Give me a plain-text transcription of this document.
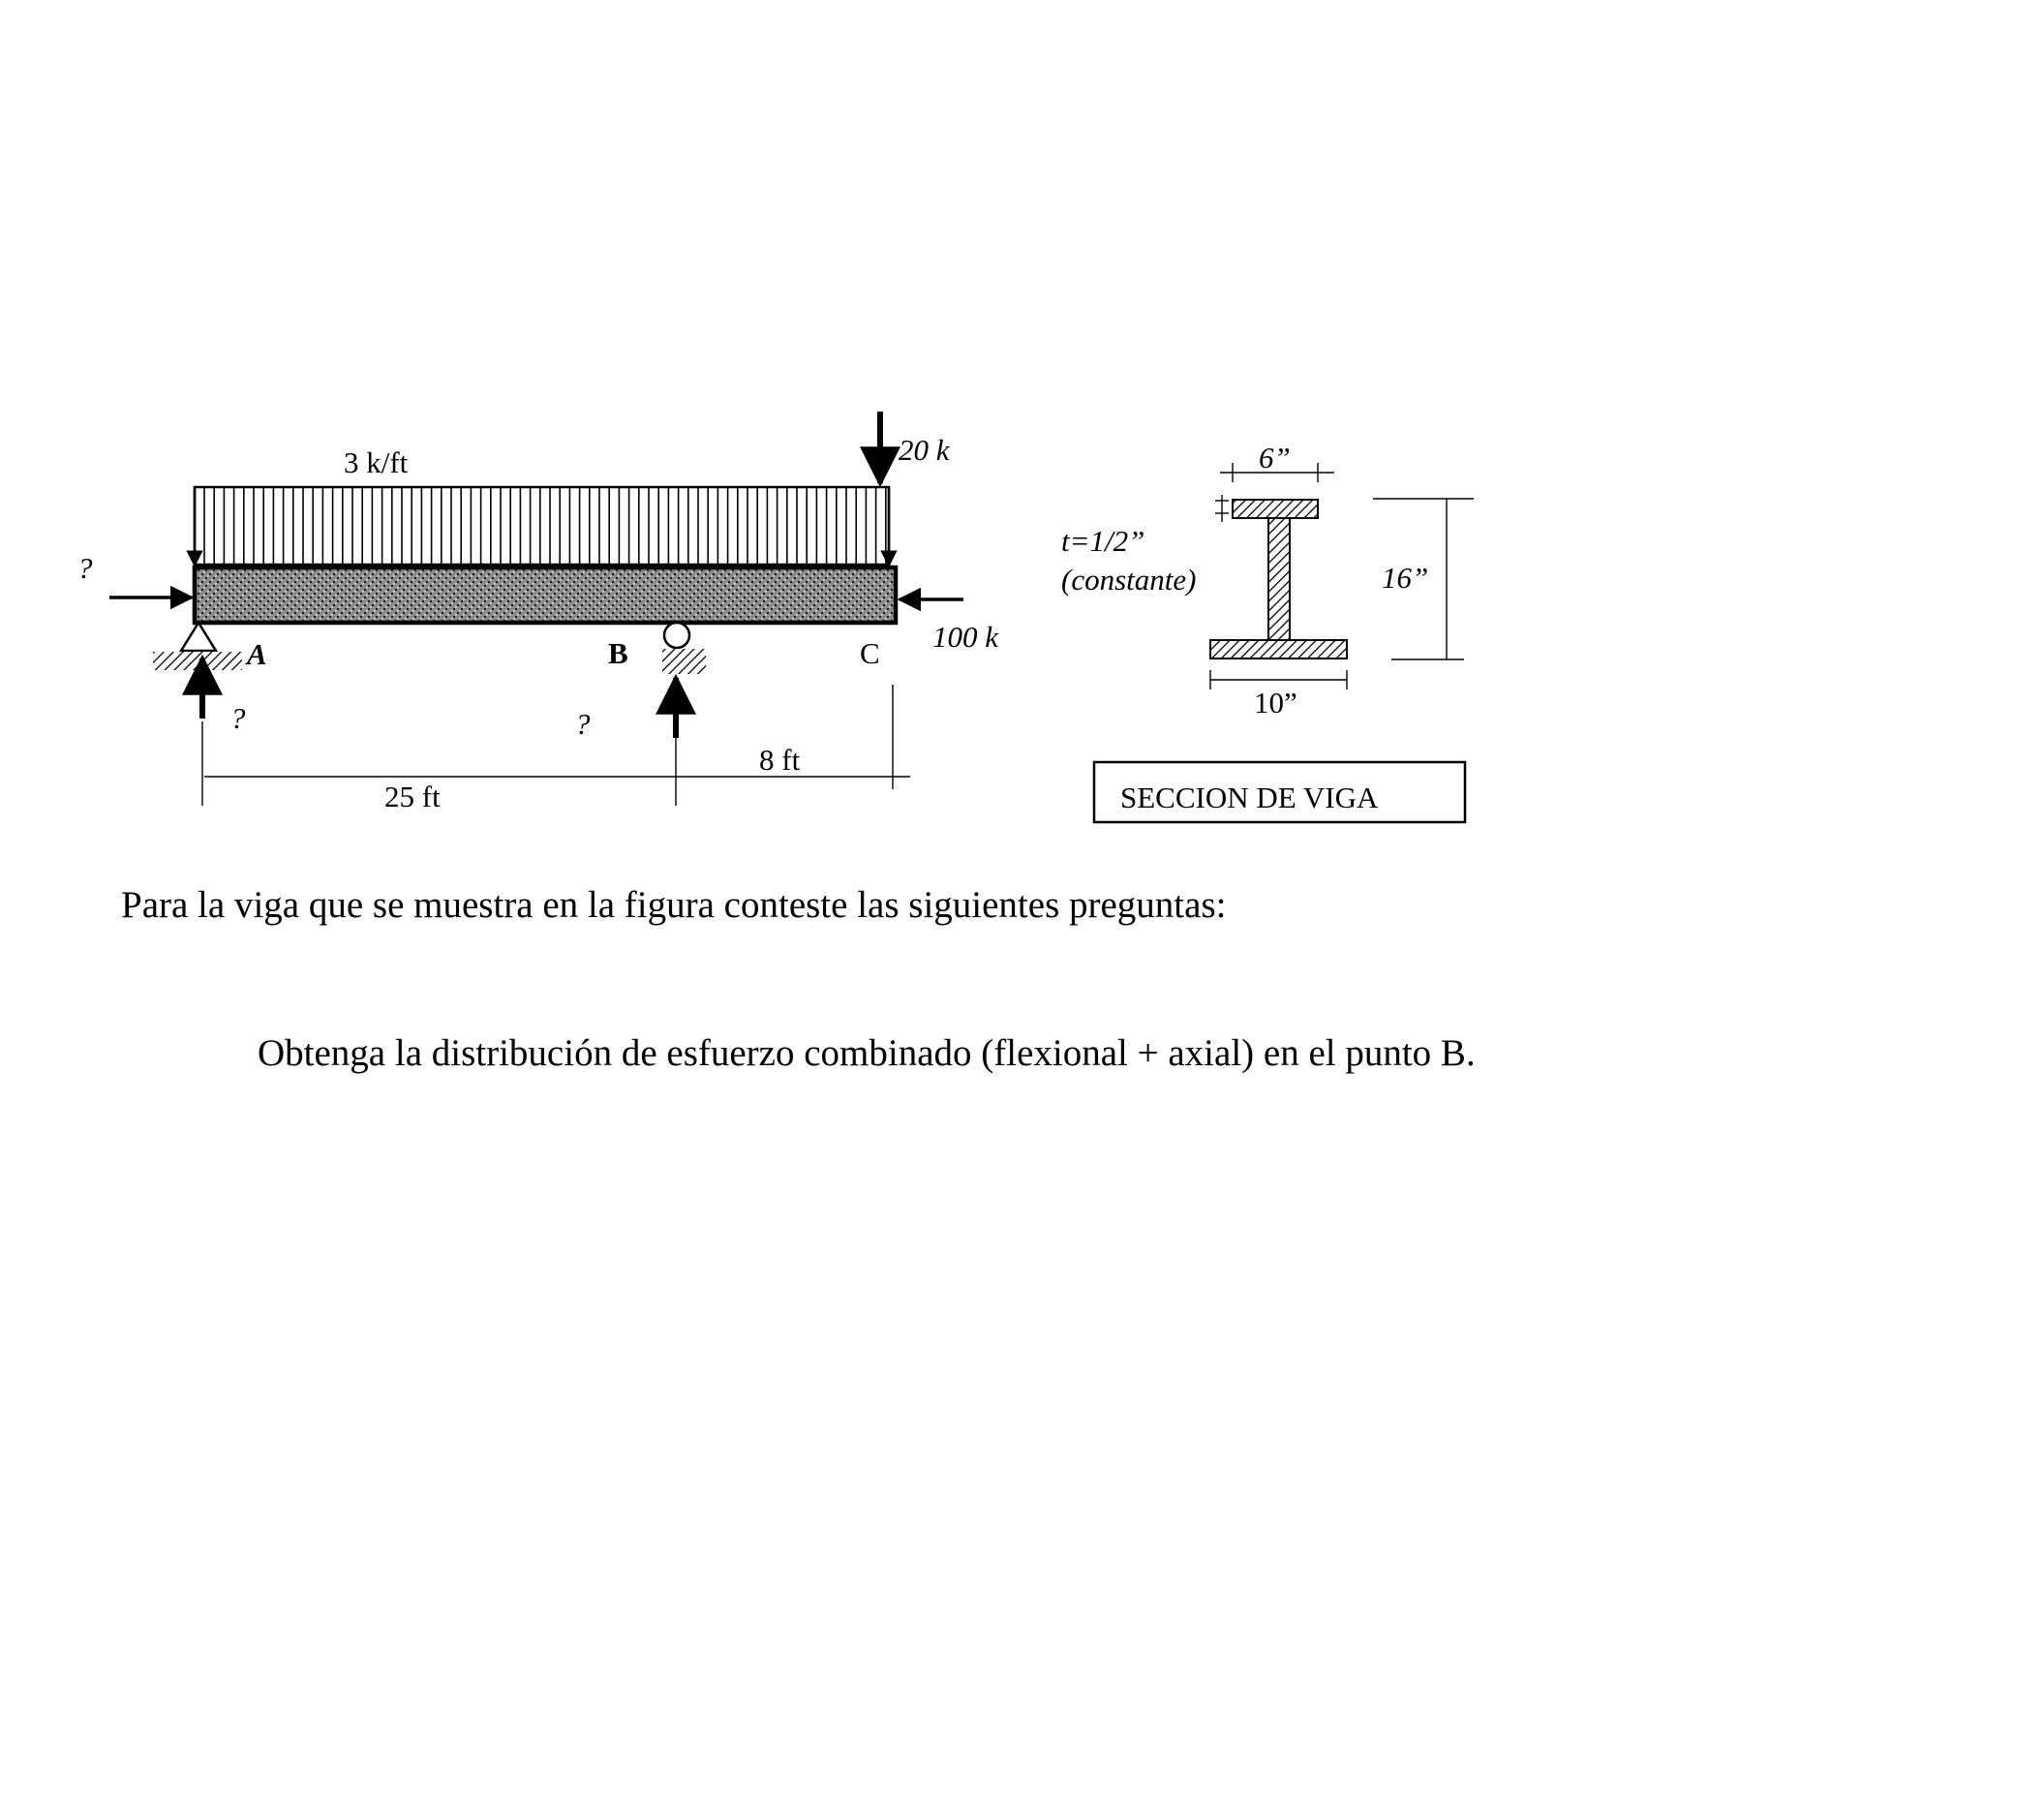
3 k/ft	20 k
?
100 k
A
?
B
?
C
25 ft
8 ft
6”
t=1/2”
(constante)	16”
10”
SECCION DE VIGA

Para la viga que se muestra en la figura conteste las siguientes preguntas:

Obtenga la distribución de esfuerzo combinado (flexional + axial) en el punto B.
